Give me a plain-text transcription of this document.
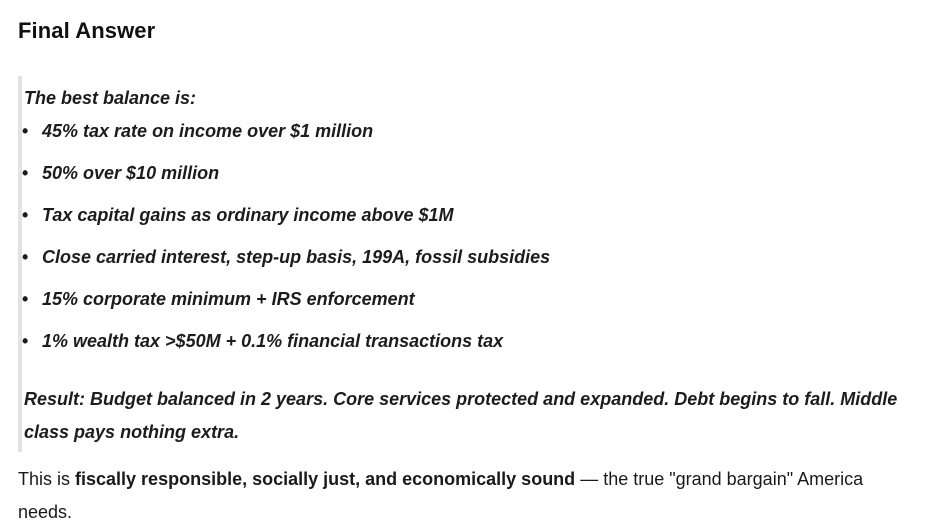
Final Answer
The best balance is:
• 45% tax rate on income over $1 million
• 50% over $10 million
• Tax capital gains as ordinary income above $1M
• Close carried interest, step-up basis, 199A, fossil subsidies
• 15% corporate minimum + IRS enforcement
• 1% wealth tax >$50M + 0.1% financial transactions tax
Result: Budget balanced in 2 years. Core services protected and expanded. Debt begins to fall. Middle class pays nothing extra.

This is fiscally responsible, socially just, and economically sound — the true "grand bargain" America needs.
